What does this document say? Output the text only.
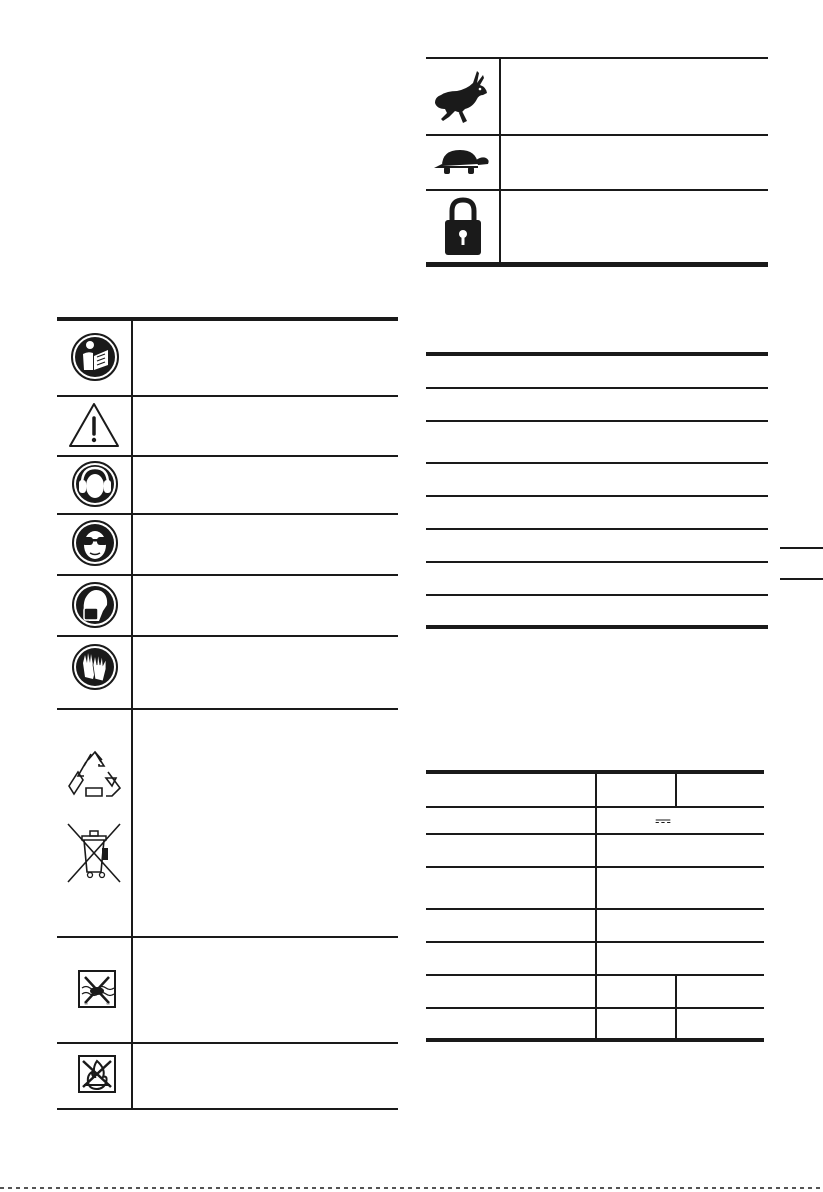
∞	∞
⎓
